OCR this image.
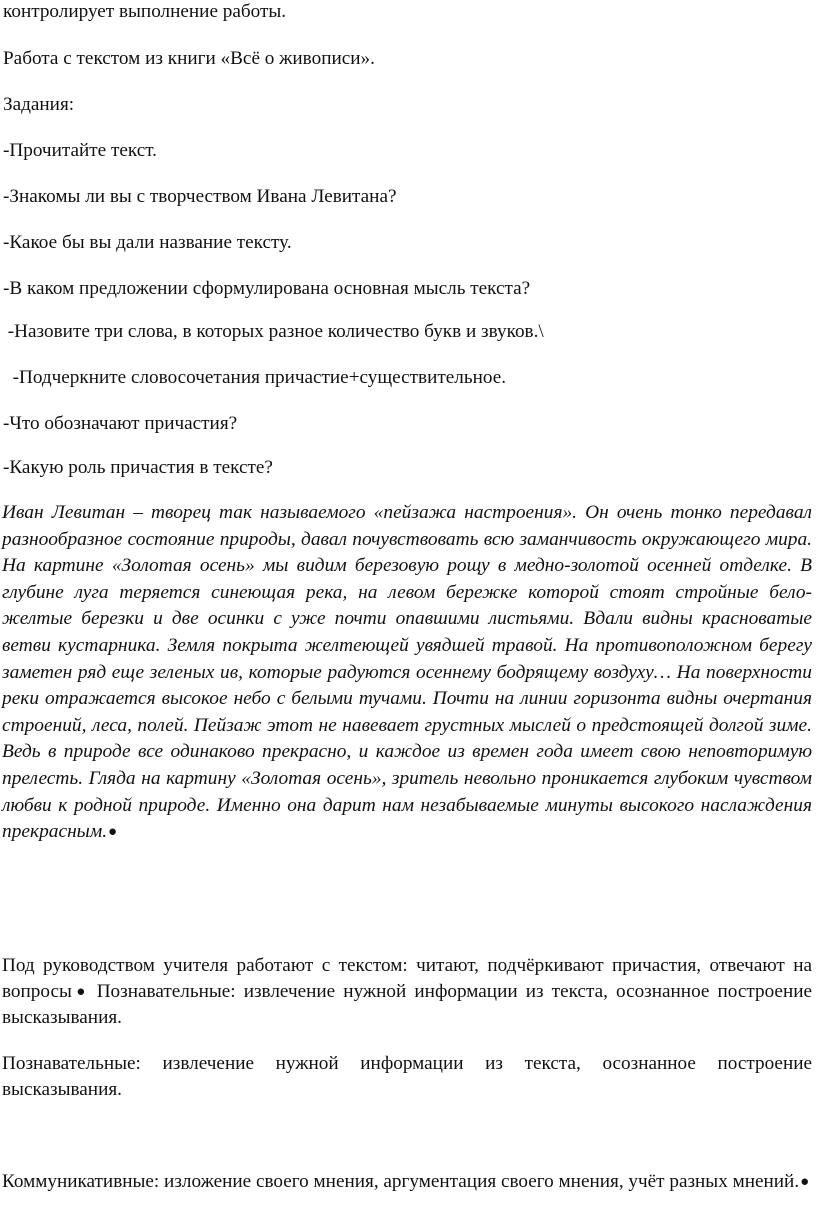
контролирует выполнение работы.
Работа с текстом из книги «Всё о живописи».
Задания:
-Прочитайте текст.
-Знакомы ли вы с творчеством Ивана Левитана?
-Какое бы вы дали название тексту.
-В каком предложении сформулирована основная мысль текста?
-Назовите три слова, в которых разное количество букв и звуков.\
-Подчеркните словосочетания причастие+существительное.
-Что обозначают причастия?
-Какую роль причастия в тексте?
Иван Левитан – творец так называемого «пейзажа настроения». Он очень тонко передавал разнообразное состояние природы, давал почувствовать всю заманчивость окружающего мира. На картине «Золотая осень» мы видим березовую рощу в медно-золотой осенней отделке. В глубине луга теряется синеющая река, на левом бережке которой стоят стройные бело-желтые березки и две осинки с уже почти опавшими листьями. Вдали видны красноватые ветви кустарника. Земля покрыта желтеющей увядшей травой. На противоположном берегу заметен ряд еще зеленых ив, которые радуются осеннему бодрящему воздуху… На поверхности реки отражается высокое небо с белыми тучами. Почти на линии горизонта видны очертания строений, леса, полей. Пейзаж этот не навевает грустных мыслей о предстоящей долгой зиме. Ведь в природе все одинаково прекрасно, и каждое из времен года имеет свою неповторимую прелесть. Гляда на картину «Золотая осень», зритель невольно проникается глубоким чувством любви к родной природе. Именно она дарит нам незабываемые минуты высокого наслаждения прекрасным.●
Под руководством учителя работают с текстом: читают, подчёркивают причастия, отвечают на вопросы● Познавательные: извлечение нужной информации из текста, осознанное построение высказывания.
Познавательные: извлечение нужной информации из текста, осознанное построение высказывания.
Коммуникативные: изложение своего мнения, аргументация своего мнения, учёт разных мнений.●
